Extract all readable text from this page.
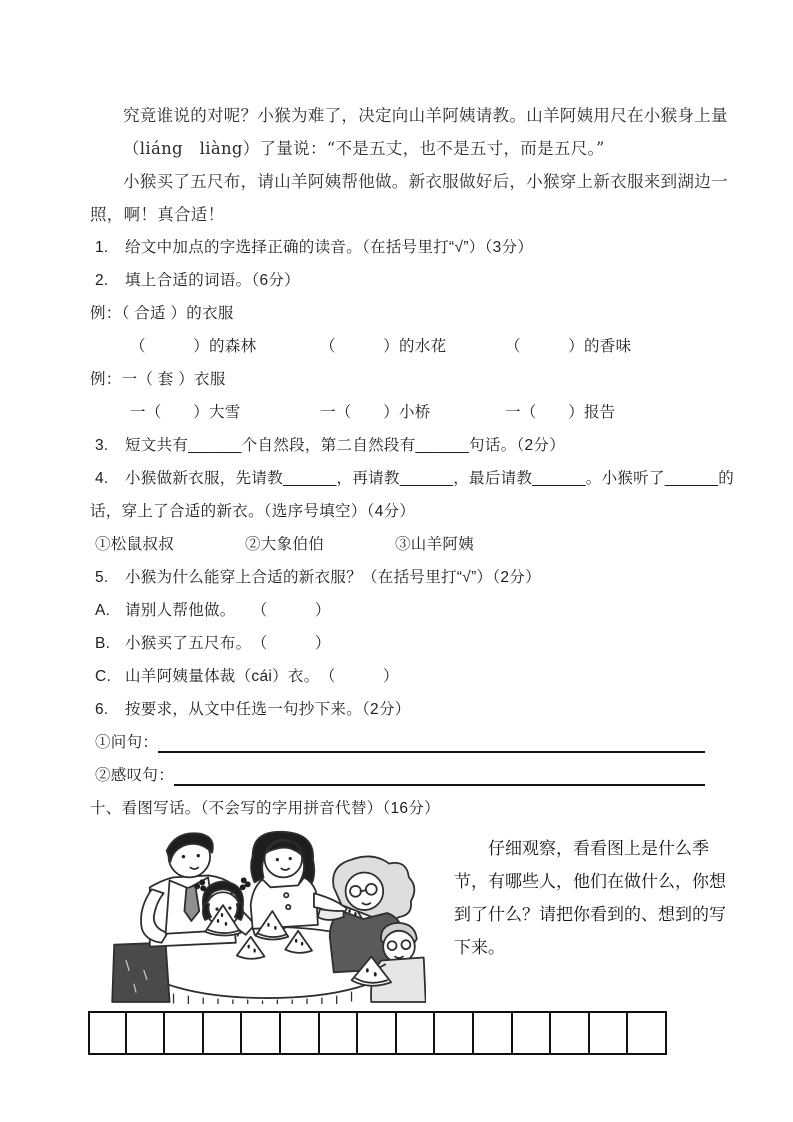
究竟谁说的对呢？小猴为难了，决定向山羊阿姨请教。山羊阿姨用尺在小猴身上量
（liáng　liàng）了量说：“不是五丈，也不是五寸，而是五尺。”
小猴买了五尺布，请山羊阿姨帮他做。新衣服做好后，小猴穿上新衣服来到湖边一
照，啊！真合适！
1. 给文中加点的字选择正确的读音。（在括号里打“√”）（3分）
2. 填上合适的词语。（6分）
例：（ 合适 ）的衣服
（　　　）的森林	（　　　）的水花	（　　　）的香味
例：一（ 套 ）衣服
一（　　）大雪	一（　　）小桥	一（　　）报告
3. 短文共有______个自然段，第二自然段有______句话。（2分）
4. 小猴做新衣服，先请教______，再请教______，最后请教______。小猴听了______的
话，穿上了合适的新衣。（选序号填空）（4分）
①松鼠叔叔	②大象伯伯	③山羊阿姨
5. 小猴为什么能穿上合适的新衣服？（在括号里打“√”）（2分）
A. 请别人帮他做。　　（　　　）
B. 小猴买了五尺布。　（　　　）
C. 山羊阿姨量体裁（cái）衣。　（　　　）
6. 按要求，从文中任选一句抄下来。（2分）
①问句：
②感叹句：
十、看图写话。（不会写的字用拼音代替）（16分）
仔细观察，看看图上是什么季
节，有哪些人，他们在做什么，你想
到了什么？请把你看到的、想到的写
下来。
